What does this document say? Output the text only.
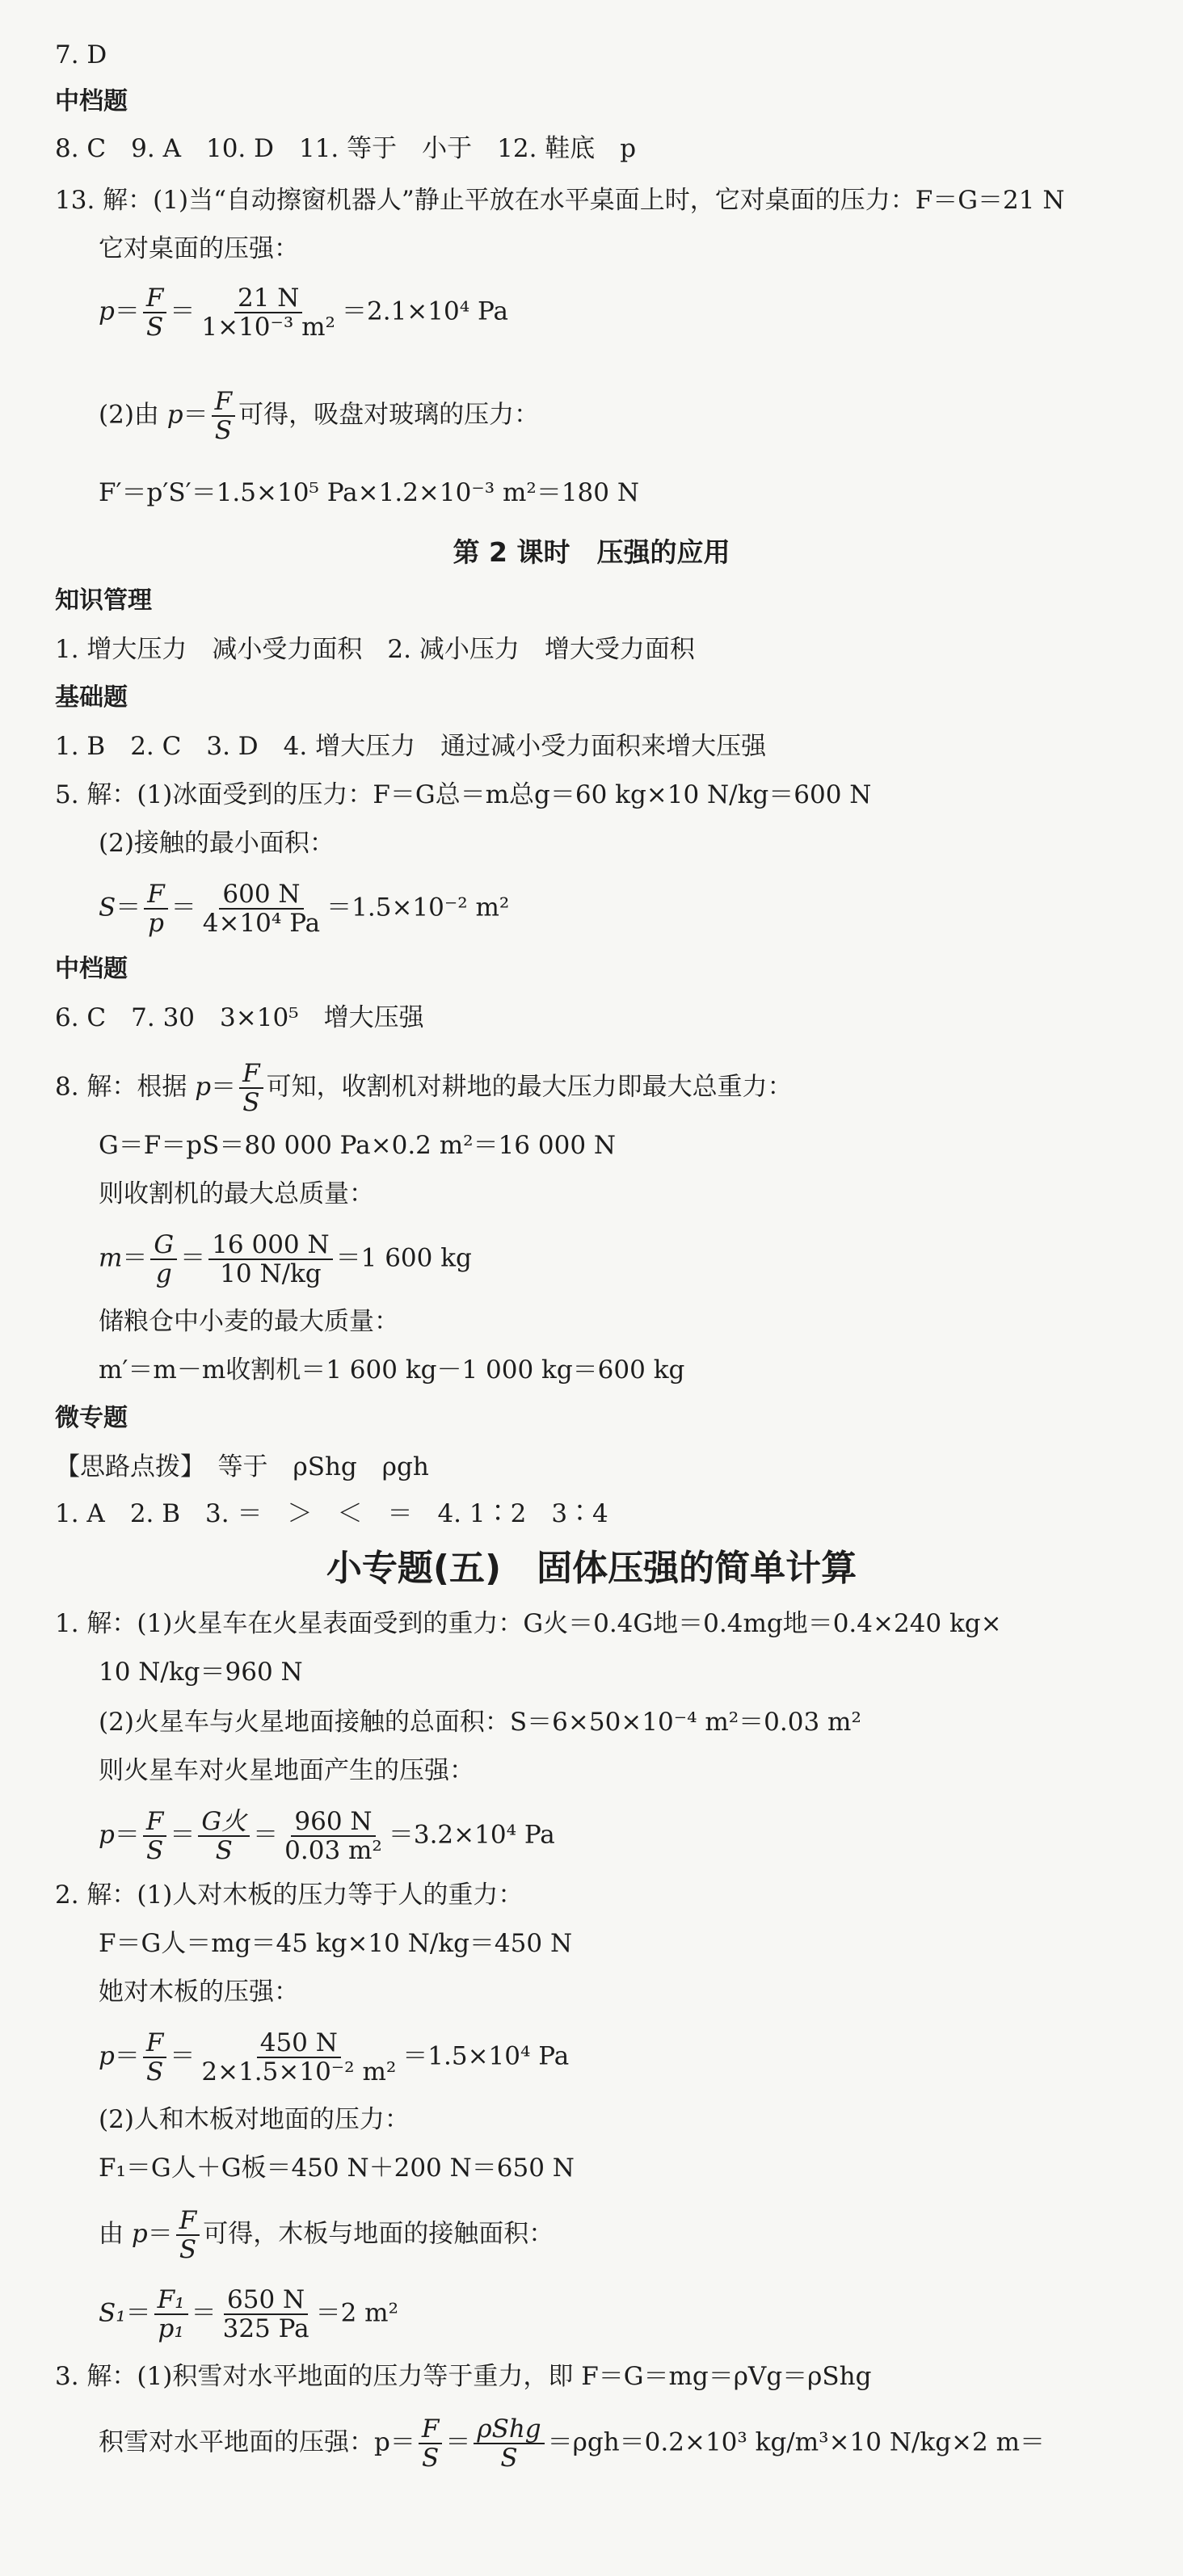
7. D
中档题
8. C　9. A　10. D　11. 等于　小于　12. 鞋底　p
13. 解：(1)当“自动擦窗机器人”静止平放在水平桌面上时，它对桌面的压力：F＝G＝21 N
它对桌面的压强：
$p= \frac{F}{S} = \frac{21 N}{\text{1×10⁻³ m²}} =2.1\times 10^4$ Pa
(2)由 $p= \frac{F}{S}$ 可得，吸盘对玻璃的压力：
F′＝p′S′＝1.5×10⁵ Pa×1.2×10⁻³ m²＝180 N
第 2 课时　压强的应用
知识管理
1. 增大压力　减小受力面积　2. 减小压力　增大受力面积
基础题
1. B　2. C　3. D　4. 增大压力　通过减小受力面积来增大压强
5. 解：(1)冰面受到的压力：F＝G总＝m总g＝60 kg×10 N/kg＝600 N
(2)接触的最小面积：
$S= \frac{F}{p} = \frac{600 N}{\text{4×10⁴ Pa}} =1.5\times 10^{-2}$ m²
中档题
6. C　7. 30　3×10⁵　增大压强
8. 解：根据 $p= \frac{F}{S}$ 可知，收割机对耕地的最大压力即最大总重力：
G＝F＝pS＝80 000 Pa×0.2 m²＝16 000 N
则收割机的最大总质量：
$m= \frac{G}{g} = \frac{16 000 N}{10 N/kg} =1$ 600 kg
储粮仓中小麦的最大质量：
m′＝m－m收割机＝1 600 kg－1 000 kg＝600 kg
微专题
【思路点拨】　等于　ρShg　ρgh
1. A　2. B　3. ＝　＞　＜　＝　4. 1∶2　3∶4
小专题(五)　固体压强的简单计算
1. 解：(1)火星车在火星表面受到的重力：G火＝0.4G地＝0.4mg地＝0.4×240 kg×
10 N/kg＝960 N
(2)火星车与火星地面接触的总面积：S＝6×50×10⁻⁴ m²＝0.03 m²
则火星车对火星地面产生的压强：
$p= \frac{F}{S} = \frac{\text{G火}}{S} = \frac{960 N}{\text{0.03 m²}} =3.2\times 10^4$ Pa
2. 解：(1)人对木板的压力等于人的重力：
F＝G人＝mg＝45 kg×10 N/kg＝450 N
她对木板的压强：
$p= \frac{F}{S} = \frac{450 N}{\text{2×1.5×10⁻² m²}} =1.5\times 10^4$ Pa
(2)人和木板对地面的压力：
F₁＝G人＋G板＝450 N＋200 N＝650 N
由 $p= \frac{F}{S}$ 可得，木板与地面的接触面积：
$S_1= \frac{\text{F₁}}{\text{p₁}} = \frac{650 N}{325 Pa} =2$ m²
3. 解：(1)积雪对水平地面的压力等于重力，即 F＝G＝mg＝ρVg＝ρShg
积雪对水平地面的压强：$p= \frac{F}{S} = \frac{\text{ρShg}}{S} =\rho gh=0.2\times 10^3$ kg/m³×10 N/kg×2 m＝
